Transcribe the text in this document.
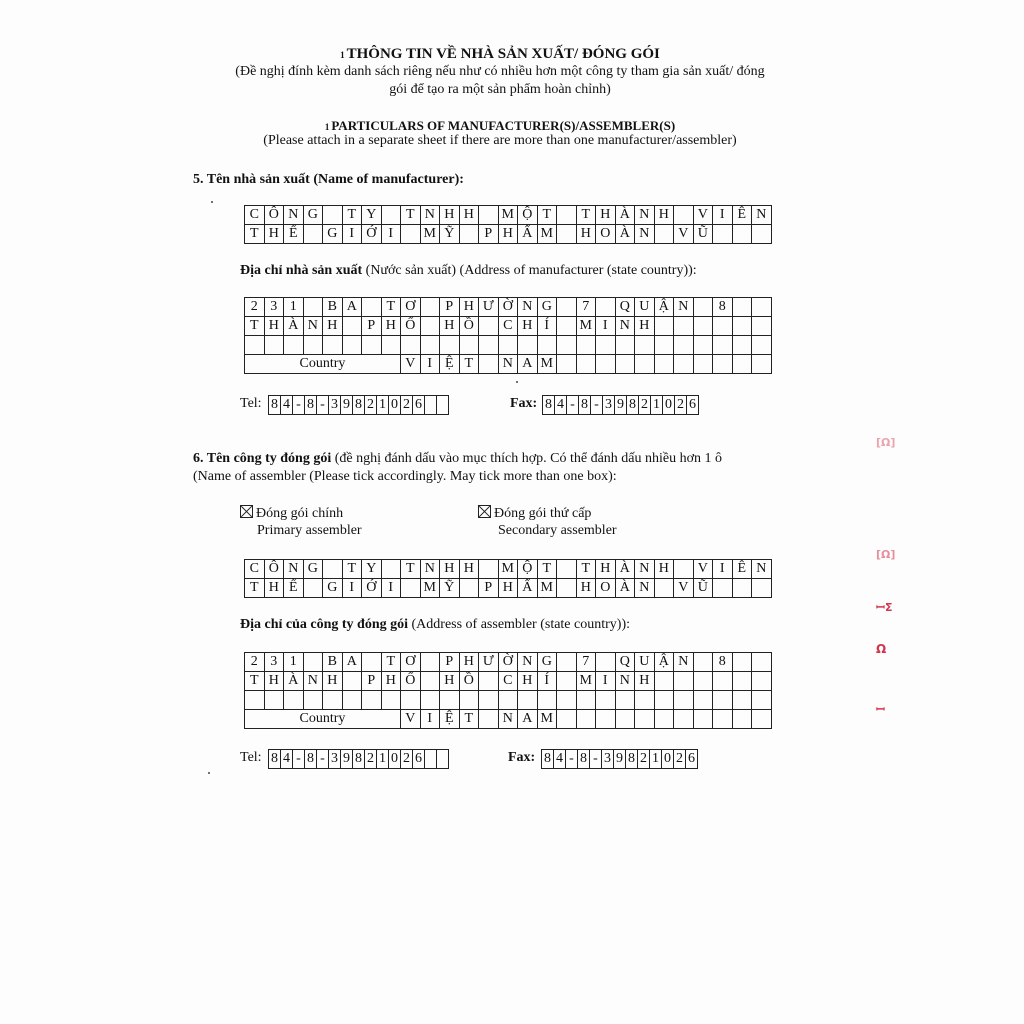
1 THÔNG TIN VỀ NHÀ SẢN XUẤT/ ĐÓNG GÓI
(Đề nghị đính kèm danh sách riêng nếu như có nhiều hơn một công ty tham gia sản xuất/ đóng
gói để tạo ra một sản phẩm hoàn chỉnh)
1 PARTICULARS OF MANUFACTURER(S)/ASSEMBLER(S)
(Please attach in a separate sheet if there are more than one manufacturer/assembler)
5. Tên nhà sản xuất (Name of manufacturer):
C	Ô	N	G		T	Y		T	N	H	H		M	Ộ	T		T	H	À	N	H		V	I	Ê	N
T	H	Ế		G	I	Ớ	I		M	Ỹ		P	H	Ẩ	M		H	O	À	N		V	Ũ			
Địa chỉ nhà sản xuất (Nước sản xuất) (Address of manufacturer (state country)):
2	3	1		B	A		T	Ơ		P	H	Ư	Ờ	N	G		7		Q	U	Ậ	N		8		
T	H	À	N	H		P	H	Ố		H	Ồ		C	H	Í		M	I	N	H						

Country								V	I	Ệ	T		N	A	M											
Tel: 8	4	-	8	-	3	9	8	2	1	0	2	6			Fax: 8	4	-	8	-	3	9	8	2	1	0	2	6
6. Tên công ty đóng gói (đề nghị đánh dấu vào mục thích hợp. Có thể đánh dấu nhiều hơn 1 ô
(Name of assembler (Please tick accordingly. May tick more than one box):
Đóng gói chính
Primary assembler
Đóng gói thứ cấp
Secondary assembler
C	Ô	N	G		T	Y		T	N	H	H		M	Ộ	T		T	H	À	N	H		V	I	Ê	N
T	H	Ế		G	I	Ớ	I		M	Ỹ		P	H	Ẩ	M		H	O	À	N		V	Ũ			
Địa chỉ của công ty đóng gói (Address of assembler (state country)):
2	3	1		B	A		T	Ơ		P	H	Ư	Ờ	N	G		7		Q	U	Ậ	N		8		
T	H	À	N	H		P	H	Ố		H	Ồ		C	H	Í		M	I	N	H						

Country								V	I	Ệ	T		N	A	M											
Tel: 8	4	-	8	-	3	9	8	2	1	0	2	6			Fax: 8	4	-	8	-	3	9	8	2	1	0	2	6
[Ω]
[Ω]
ꟷΣ
Ω
ꟷ
